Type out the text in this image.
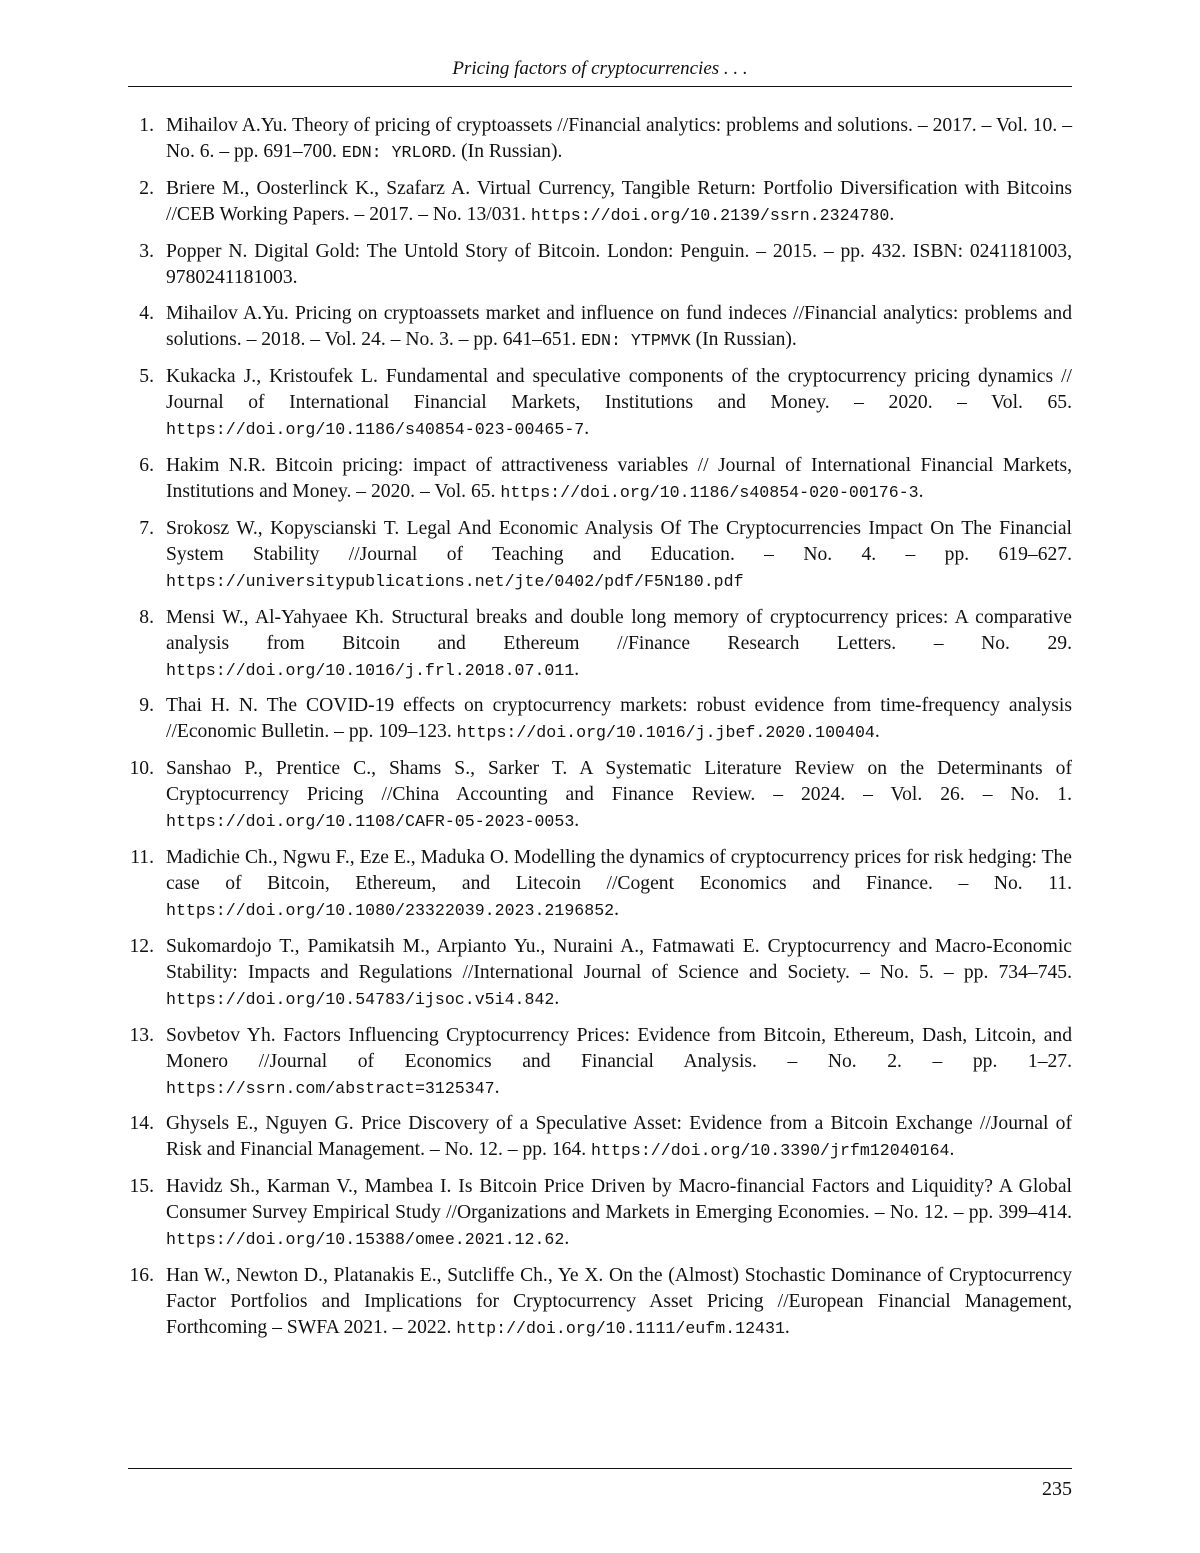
Pricing factors of cryptocurrencies . . .
1. Mihailov A.Yu. Theory of pricing of cryptoassets //Financial analytics: problems and solutions. – 2017. – Vol. 10. – No. 6. – pp. 691–700. EDN: YRLORD. (In Russian).
2. Briere M., Oosterlinck K., Szafarz A. Virtual Currency, Tangible Return: Portfolio Diversification with Bitcoins //CEB Working Papers. – 2017. – No. 13/031. https://doi.org/10.2139/ssrn.2324780.
3. Popper N. Digital Gold: The Untold Story of Bitcoin. London: Penguin. – 2015. – pp. 432. ISBN: 0241181003, 9780241181003.
4. Mihailov A.Yu. Pricing on cryptoassets market and influence on fund indeces //Financial analytics: problems and solutions. – 2018. – Vol. 24. – No. 3. – pp. 641–651. EDN: YTPMVK (In Russian).
5. Kukacka J., Kristoufek L. Fundamental and speculative components of the cryptocurrency pricing dynamics // Journal of International Financial Markets, Institutions and Money. – 2020. – Vol. 65. https://doi.org/10.1186/s40854-023-00465-7.
6. Hakim N.R. Bitcoin pricing: impact of attractiveness variables // Journal of International Financial Markets, Institutions and Money. – 2020. – Vol. 65. https://doi.org/10.1186/s40854-020-00176-3.
7. Srokosz W., Kopyscianski T. Legal And Economic Analysis Of The Cryptocurrencies Impact On The Financial System Stability //Journal of Teaching and Education. – No. 4. – pp. 619–627. https://universitypublications.net/jte/0402/pdf/F5N180.pdf
8. Mensi W., Al-Yahyaee Kh. Structural breaks and double long memory of cryptocurrency prices: A comparative analysis from Bitcoin and Ethereum //Finance Research Letters. – No. 29. https://doi.org/10.1016/j.frl.2018.07.011.
9. Thai H. N. The COVID-19 effects on cryptocurrency markets: robust evidence from time-frequency analysis //Economic Bulletin. – pp. 109–123. https://doi.org/10.1016/j.jbef.2020.100404.
10. Sanshao P., Prentice C., Shams S., Sarker T. A Systematic Literature Review on the Determinants of Cryptocurrency Pricing //China Accounting and Finance Review. – 2024. – Vol. 26. – No. 1. https://doi.org/10.1108/CAFR-05-2023-0053.
11. Madichie Ch., Ngwu F., Eze E., Maduka O. Modelling the dynamics of cryptocurrency prices for risk hedging: The case of Bitcoin, Ethereum, and Litecoin //Cogent Economics and Finance. – No. 11. https://doi.org/10.1080/23322039.2023.2196852.
12. Sukomardojo T., Pamikatsih M., Arpianto Yu., Nuraini A., Fatmawati E. Cryptocurrency and Macro-Economic Stability: Impacts and Regulations //International Journal of Science and Society. – No. 5. – pp. 734–745. https://doi.org/10.54783/ijsoc.v5i4.842.
13. Sovbetov Yh. Factors Influencing Cryptocurrency Prices: Evidence from Bitcoin, Ethereum, Dash, Litcoin, and Monero //Journal of Economics and Financial Analysis. – No. 2. – pp. 1–27. https://ssrn.com/abstract=3125347.
14. Ghysels E., Nguyen G. Price Discovery of a Speculative Asset: Evidence from a Bitcoin Exchange //Journal of Risk and Financial Management. – No. 12. – pp. 164. https://doi.org/10.3390/jrfm12040164.
15. Havidz Sh., Karman V., Mambea I. Is Bitcoin Price Driven by Macro-financial Factors and Liquidity? A Global Consumer Survey Empirical Study //Organizations and Markets in Emerging Economies. – No. 12. – pp. 399–414. https://doi.org/10.15388/omee.2021.12.62.
16. Han W., Newton D., Platanakis E., Sutcliffe Ch., Ye X. On the (Almost) Stochastic Dominance of Cryptocurrency Factor Portfolios and Implications for Cryptocurrency Asset Pricing //European Financial Management, Forthcoming – SWFA 2021. – 2022. http://doi.org/10.1111/eufm.12431.
235
